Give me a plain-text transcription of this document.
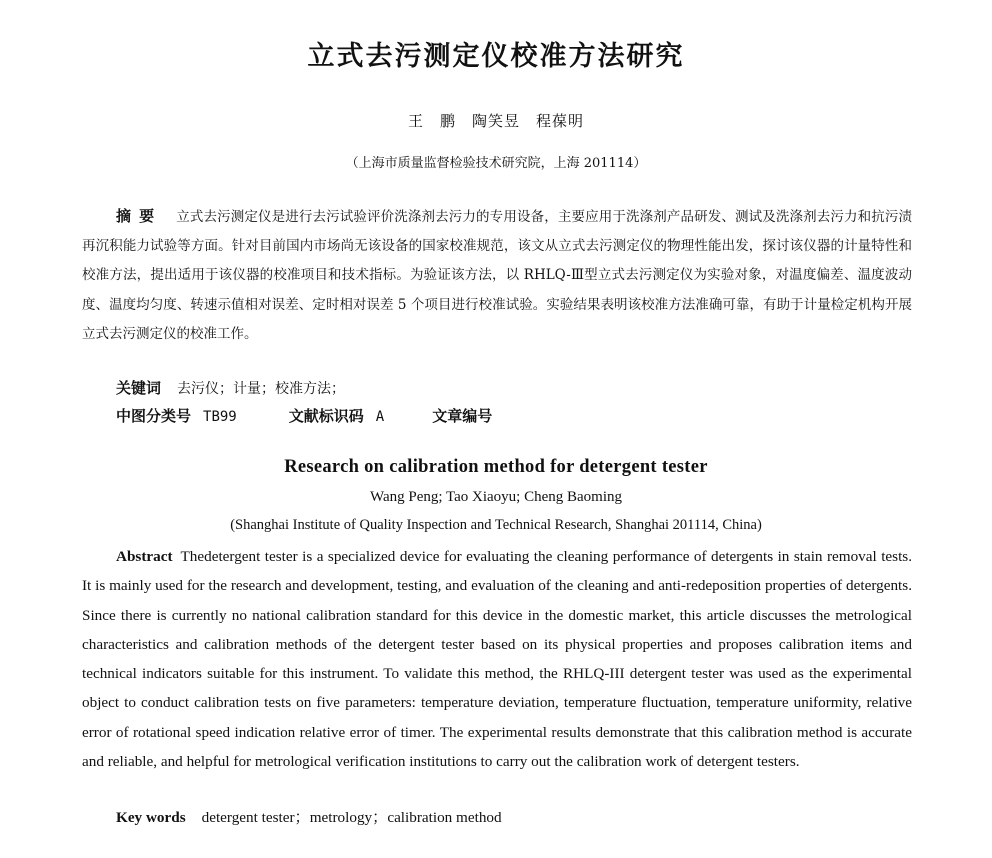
立式去污测定仪校准方法研究
王　鹏　陶笑昱　程葆明
（上海市质量监督检验技术研究院，上海 201114）
摘要 立式去污测定仪是进行去污试验评价洗涤剂去污力的专用设备，主要应用于洗涤剂产品研发、测试及洗涤剂去污力和抗污渍再沉积能力试验等方面。针对目前国内市场尚无该设备的国家校准规范，该文从立式去污测定仪的物理性能出发，探讨该仪器的计量特性和校准方法，提出适用于该仪器的校准项目和技术指标。为验证该方法，以 RHLQ-Ⅲ型立式去污测定仪为实验对象，对温度偏差、温度波动度、温度均匀度、转速示值相对误差、定时相对误差 5 个项目进行校准试验。实验结果表明该校准方法准确可靠，有助于计量检定机构开展立式去污测定仪的校准工作。
关键词 去污仪；计量；校准方法；
中图分类号 TB99	文献标识码 A	文章编号
Research on calibration method for detergent tester
Wang Peng; Tao Xiaoyu; Cheng Baoming
(Shanghai Institute of Quality Inspection and Technical Research, Shanghai 201114, China)
Abstract Thedetergent tester is a specialized device for evaluating the cleaning performance of detergents in stain removal tests. It is mainly used for the research and development, testing, and evaluation of the cleaning and anti-redeposition properties of detergents. Since there is currently no national calibration standard for this device in the domestic market, this article discusses the metrological characteristics and calibration methods of the detergent tester based on its physical properties and proposes calibration items and technical indicators suitable for this instrument. To validate this method, the RHLQ-III detergent tester was used as the experimental object to conduct calibration tests on five parameters: temperature deviation, temperature fluctuation, temperature uniformity, relative error of rotational speed indication relative error of timer. The experimental results demonstrate that this calibration method is accurate and reliable, and helpful for metrological verification institutions to carry out the calibration work of detergent testers.
Key words detergent tester；metrology；calibration method
